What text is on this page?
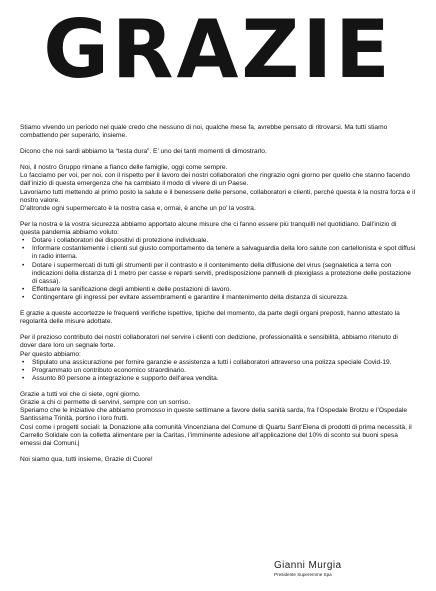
GRAZIE

Stiamo vivendo un periodo nel quale credo che nessuno di noi, qualche mese fa, avrebbe pensato di ritrovarsi. Ma tutti stiamo combattendo per superarlo, insieme.

Dicono che noi sardi abbiamo la “testa dura”. E’ uno dei tanti momenti di dimostrarlo.

Noi, il nostro Gruppo rimane a fianco delle famiglie, oggi come sempre.
Lo facciamo per voi, per noi, con il rispetto per il lavoro dei nostri collaboratori che ringrazio ogni giorno per quello che stanno facendo dall’inizio di questa emergenza che ha cambiato il modo di vivere di un Paese.
Lavoriamo tutti mettendo al primo posto la salute e il benessere delle persone, collaboratori e clienti, perché questa è la nostra forza e il nostro valore.
D’altronde ogni supermercato è la nostra casa e, ormai, è anche un po’ la vostra.

Per la nostra e la vostra sicurezza abbiamo apportato alcune misure che ci fanno essere più tranquilli nel quotidiano. Dall’inizio di questa pandemia abbiamo voluto:

• Dotare i collaboratori dei dispositivi di protezione individuale.
• Informare costantemente i clienti sul giusto comportamento da tenere a salvaguardia della loro salute con cartellonista e spot diffusi in radio interna.
• Dotare i supermercati di tutti gli strumenti per il contrasto e il contenimento della diffusione del virus (segnaletica a terra con indicazioni della distanza di 1 metro per casse e reparti serviti, predisposizione pannelli di plexiglass a protezione delle postazione di cassa).
• Effettuare la sanificazione degli ambienti e delle postazioni di lavoro.
• Contingentare gli ingressi per evitare assembramenti e garantire il mantenimento della distanza di sicurezza.

E grazie a queste accortezze le frequenti verifiche ispettive, tipiche del momento, da parte degli organi preposti, hanno attestato la regolarità delle misure adottate.

Per il prezioso contributo dei nostri collaboratori nel servire i clienti con dedizione, professionalità e sensibilità, abbiamo ritenuto di dover dare loro un segnale forte.

Per questo abbiamo:

• Stipulato una assicurazione per fornire garanzie e assistenza a tutti i collaboratori attraverso una polizza speciale Covid-19.
• Programmato un contributo economico straordinario.
• Assunto 80 persone a integrazione e supporto dell’area vendita.

Grazie a tutti voi che ci siete, ogni giorno.
Grazie a chi ci permette di servirvi, sempre con un sorriso.
Speriamo che le iniziative che abbiamo promosso in queste settimane a favore della sanità sarda, fra l’Ospedale Brotzu e l’Ospedale Santissima Trinità, portino i loro frutti.
Così come i progetti sociali: la Donazione alla comunità Vincenziana del Comune di Quartu Sant’Elena di prodotti di prima necessità, il Carrello Solidale con la colletta alimentare per la Caritas, l’imminente adesione all’applicazione del 10% di sconto sui buoni spesa emessi dai Comuni. |

Noi siamo qua, tutti insieme, Grazie di Cuore!

Gianni Murgia
Presidente Superemme Spa
